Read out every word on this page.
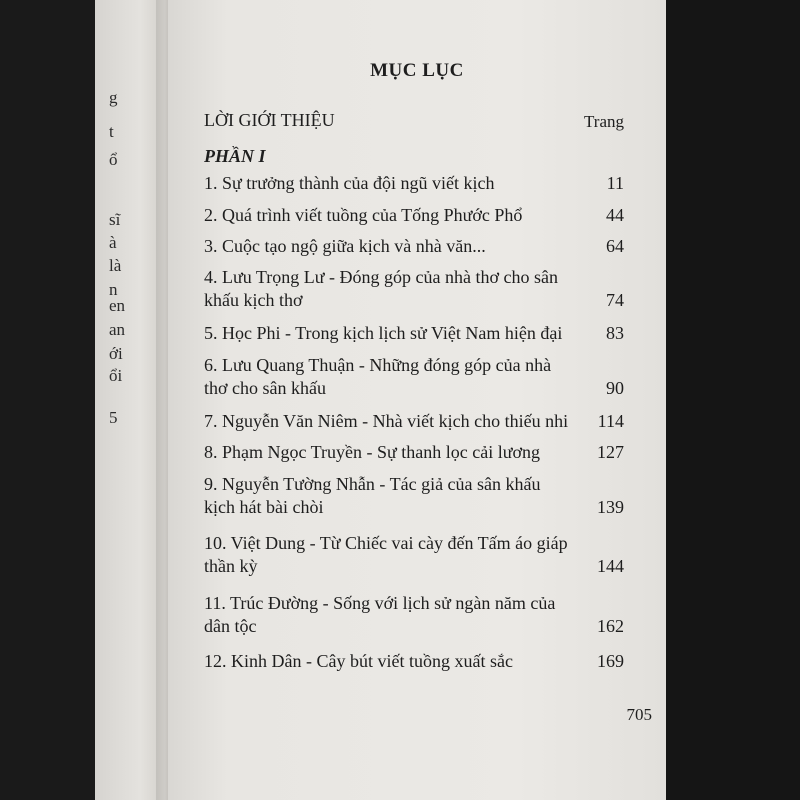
g
t
ổ
sĩ
à
là
n
en
an
ới
ổi
5
MỤC LỤC
LỜI GIỚI THIỆU	Trang
PHẦN I
1. Sự trưởng thành của đội ngũ viết kịch	11
2. Quá trình viết tuồng của Tống Phước Phổ	44
3. Cuộc tạo ngộ giữa kịch và nhà văn...	64
4. Lưu Trọng Lư - Đóng góp của nhà thơ cho sân khấu kịch thơ	74
5. Học Phi - Trong kịch lịch sử Việt Nam hiện đại	83
6. Lưu Quang Thuận - Những đóng góp của nhà thơ cho sân khấu	90
7. Nguyễn Văn Niêm - Nhà viết kịch cho thiếu nhi	114
8. Phạm Ngọc Truyền - Sự thanh lọc cải lương	127
9. Nguyễn Tường Nhẫn - Tác giả của sân khấu kịch hát bài chòi	139
10. Việt Dung - Từ Chiếc vai cày đến Tấm áo giáp thần kỳ	144
11. Trúc Đường - Sống với lịch sử ngàn năm của dân tộc	162
12. Kinh Dân - Cây bút viết tuồng xuất sắc	169
705
